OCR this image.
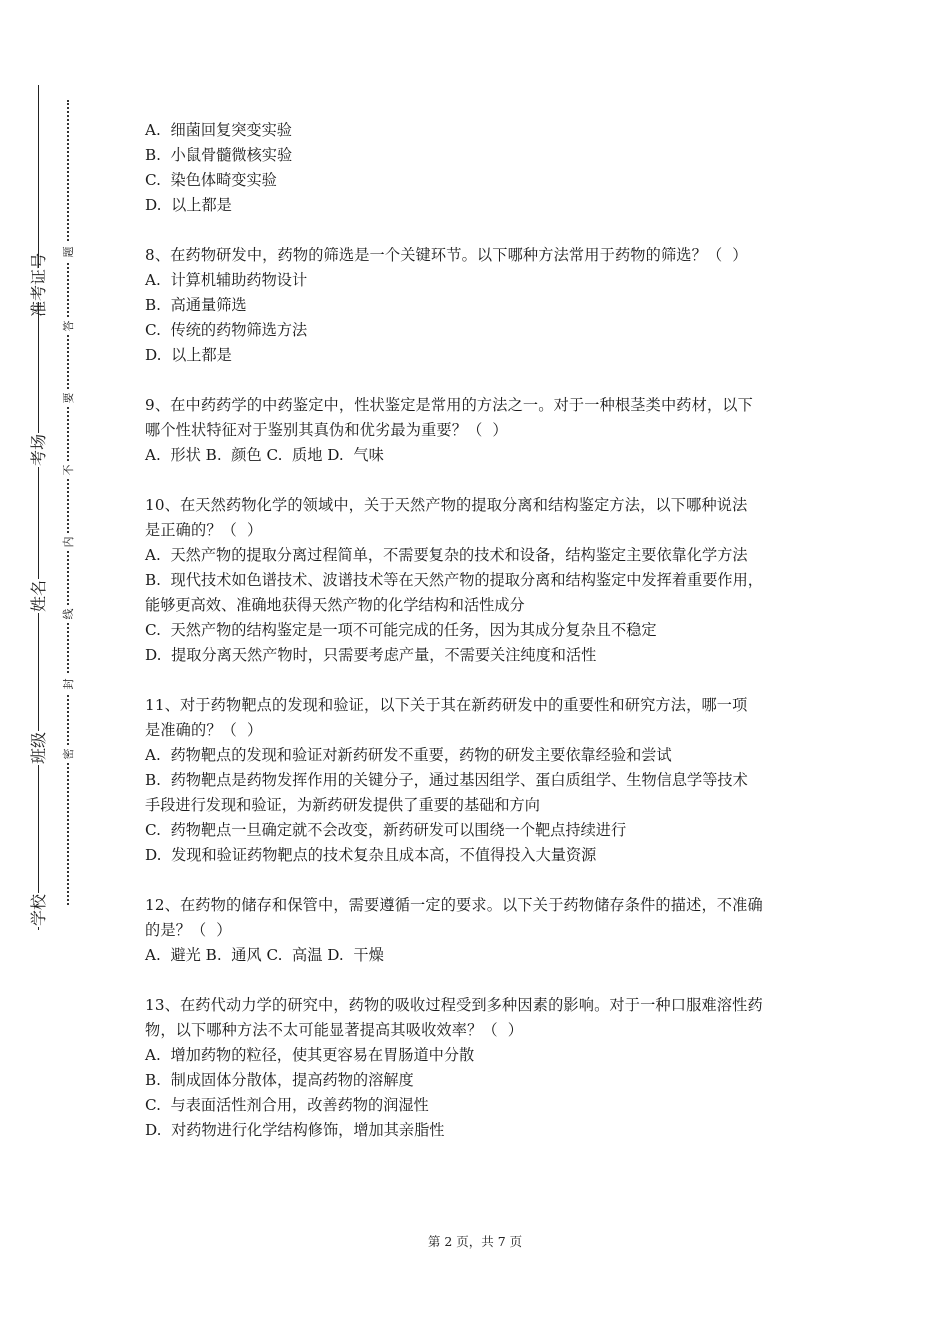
学校
班级
姓名
考场
准考证号
题
答
要
不
内
线
封
密
A.  细菌回复突变实验
B.  小鼠骨髓微核实验
C.  染色体畸变实验
D.  以上都是
8、在药物研发中，药物的筛选是一个关键环节。以下哪种方法常用于药物的筛选？（  ）
A.  计算机辅助药物设计
B.  高通量筛选
C.  传统的药物筛选方法
D.  以上都是
9、在中药药学的中药鉴定中，性状鉴定是常用的方法之一。对于一种根茎类中药材，以下
哪个性状特征对于鉴别其真伪和优劣最为重要？（  ）
A.  形状 B.  颜色 C.  质地 D.  气味
10、在天然药物化学的领域中，关于天然产物的提取分离和结构鉴定方法，以下哪种说法
是正确的？（  ）
A.  天然产物的提取分离过程简单，不需要复杂的技术和设备，结构鉴定主要依靠化学方法
B.  现代技术如色谱技术、波谱技术等在天然产物的提取分离和结构鉴定中发挥着重要作用，
能够更高效、准确地获得天然产物的化学结构和活性成分
C.  天然产物的结构鉴定是一项不可能完成的任务，因为其成分复杂且不稳定
D.  提取分离天然产物时，只需要考虑产量，不需要关注纯度和活性
11、对于药物靶点的发现和验证，以下关于其在新药研发中的重要性和研究方法，哪一项
是准确的？（  ）
A.  药物靶点的发现和验证对新药研发不重要，药物的研发主要依靠经验和尝试
B.  药物靶点是药物发挥作用的关键分子，通过基因组学、蛋白质组学、生物信息学等技术
手段进行发现和验证，为新药研发提供了重要的基础和方向
C.  药物靶点一旦确定就不会改变，新药研发可以围绕一个靶点持续进行
D.  发现和验证药物靶点的技术复杂且成本高，不值得投入大量资源
12、在药物的储存和保管中，需要遵循一定的要求。以下关于药物储存条件的描述，不准确
的是？（  ）
A.  避光 B.  通风 C.  高温 D.  干燥
13、在药代动力学的研究中，药物的吸收过程受到多种因素的影响。对于一种口服难溶性药
物，以下哪种方法不太可能显著提高其吸收效率？（  ）
A.  增加药物的粒径，使其更容易在胃肠道中分散
B.  制成固体分散体，提高药物的溶解度
C.  与表面活性剂合用，改善药物的润湿性
D.  对药物进行化学结构修饰，增加其亲脂性
第 2 页，共 7 页
